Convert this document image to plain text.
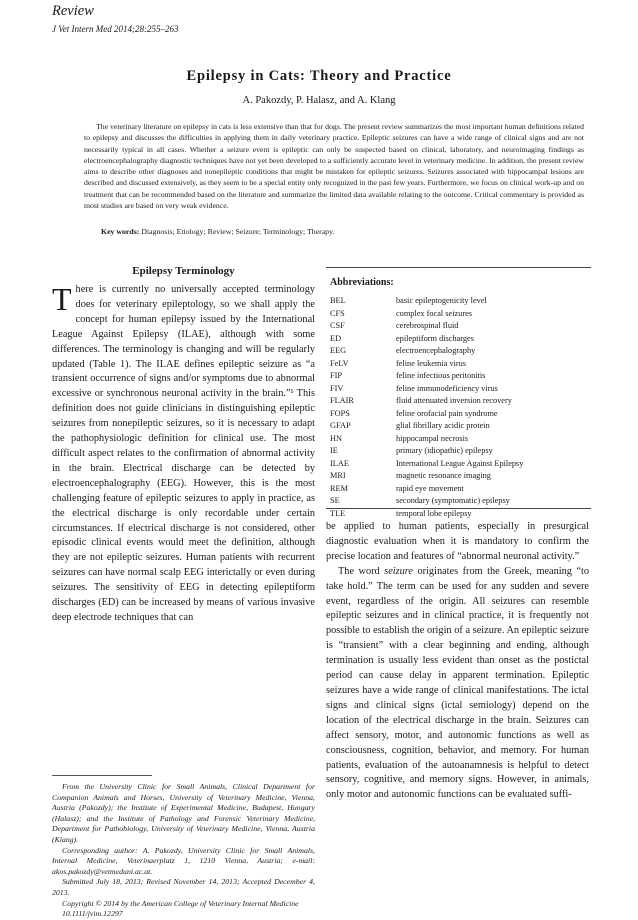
Review
J Vet Intern Med 2014;28:255–263
Epilepsy in Cats: Theory and Practice
A. Pakozdy, P. Halasz, and A. Klang
The veterinary literature on epilepsy in cats is less extensive than that for dogs. The present review summarizes the most important human definitions related to epilepsy and discusses the difficulties in applying them in daily veterinary practice. Epileptic seizures can have a wide range of clinical signs and are not necessarily typical in all cases. Whether a seizure event is epileptic can only be suspected based on clinical, laboratory, and neuroimaging findings as electroencephalography diagnostic techniques have not yet been developed to a sufficiently accurate level in veterinary medicine. In addition, the present review aims to describe other diagnoses and nonepileptic conditions that might be mistaken for epileptic seizures. Seizures associated with hippocampal lesions are described and discussed extensively, as they seem to be a special entity only recognized in the past few years. Furthermore, we focus on clinical work-up and on treatment that can be recommended based on the literature and summarize the limited data available relating to the outcome. Critical commentary is provided as most studies are based on very weak evidence.
Key words: Diagnosis; Etiology; Review; Seizure; Terminology; Therapy.
Epilepsy Terminology

There is currently no universally accepted terminology does for veterinary epileptology, so we shall apply the concept for human epilepsy issued by the International League Against Epilepsy (ILAE), although with some differences. The terminology is changing and will be regularly updated (Table 1). The ILAE defines epileptic seizure as “a transient occurrence of signs and/or symptoms due to abnormal excessive or synchronous neuronal activity in the brain.”¹ This definition does not guide clinicians in distinguishing epileptic seizures from nonepileptic seizures, so it is necessary to adapt the pathophysiologic definition for clinical use. The most difficult aspect relates to the confirmation of abnormal activity in the brain. Electrical discharge can be detected by electroencephalography (EEG). However, this is the most challenging feature of epileptic seizures to apply in practice, as the electrical discharge is only recordable under certain circumstances. If electrical discharge is not considered, other episodic clinical events would meet the definition, although they are not epileptic seizures. Human patients with recurrent seizures can have normal scalp EEG interictally or even during seizures. The sensitivity of EEG in detecting epileptiform discharges (ED) can be increased by means of various invasive deep electrode techniques that can

Abbreviations:
BEL	basic epileptogenicity level
CFS	complex focal seizures
CSF	cerebrospinal fluid
ED	epileptiform discharges
EEG	electroencephalography
FeLV	feline leukemia virus
FIP	feline infectious peritonitis
FIV	feline immunodeficiency virus
FLAIR	fluid attenuated inversion recovery
FOPS	feline orofacial pain syndrome
GFAP	glial fibrillary acidic protein
HN	hippocampal necrosis
IE	primary (idiopathic) epilepsy
ILAE	International League Against Epilepsy
MRI	magnetic resonance imaging
REM	rapid eye movement
SE	secondary (symptomatic) epilepsy
TLE	temporal lobe epilepsy

be applied to human patients, especially in presurgical diagnostic evaluation when it is mandatory to confirm the precise location and features of “abnormal neuronal activity.”

The word seizure originates from the Greek, meaning “to take hold.” The term can be used for any sudden and severe event, regardless of the origin. All seizures can resemble epileptic seizures and in clinical practice, it is frequently not possible to establish the origin of a seizure. An epileptic seizure is “transient” with a clear beginning and ending, although termination is usually less evident than onset as the postictal period can cause delay in apparent termination. Epileptic seizures have a wide range of clinical manifestations. The ictal signs and clinical signs (ictal semiology) depend on the location of the electrical discharge in the brain. Seizures can affect sensory, motor, and autonomic functions as well as consciousness, cognition, behavior, and memory. For human patients, evaluation of the autoanamnesis is helpful to detect sensory, cognitive, and memory signs. However, in animals, only motor and autonomic functions can be evaluated suffi-

From the University Clinic for Small Animals, Clinical Department for Companion Animals and Horses, University of Veterinary Medicine, Vienna, Austria (Pakozdy); the Institute of Experimental Medicine, Budapest, Hungary (Halasz); and the Institute of Pathology and Forensic Veterinary Medicine, Department for Pathobiology, University of Veterinary Medicine, Vienna, Austria (Klang).
Corresponding author: A. Pakozdy, University Clinic for Small Animals, Internal Medicine, Veterinaerplatz 1, 1210 Vienna, Austria; e-mail: akos.pakozdy@vetmeduni.ac.at.
Submitted July 18, 2013; Revised November 14, 2013; Accepted December 4, 2013.
Copyright © 2014 by the American College of Veterinary Internal Medicine
10.1111/jvim.12297
